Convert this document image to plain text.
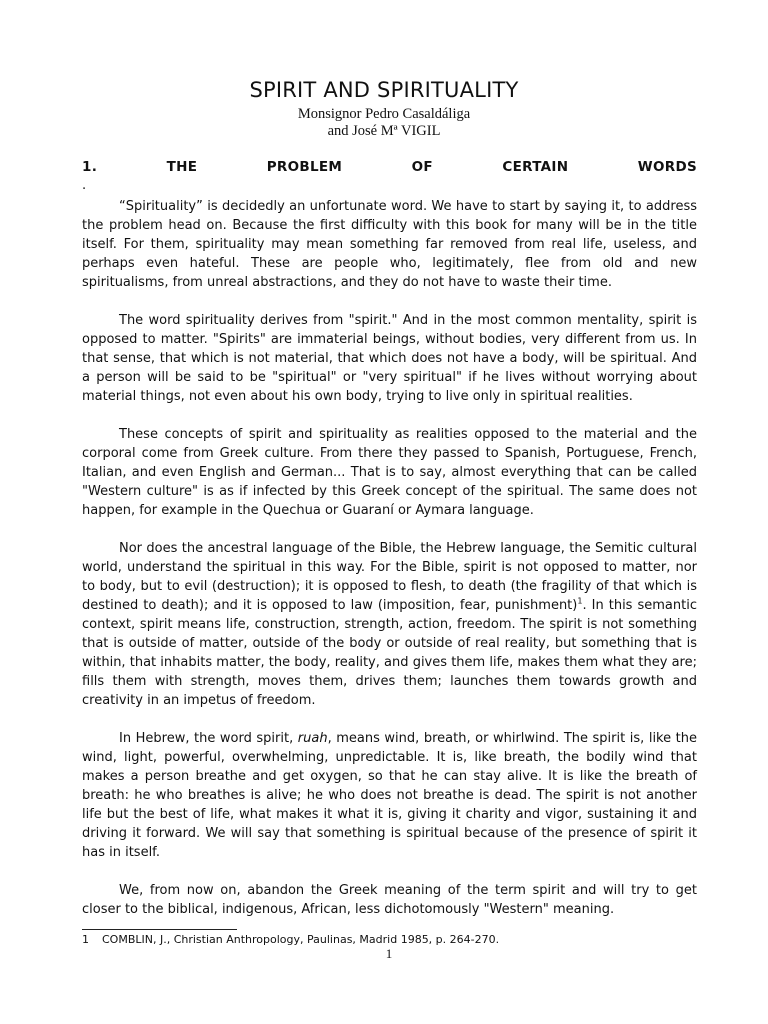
SPIRIT AND SPIRITUALITY
Monsignor Pedro Casaldáliga
and José Mª VIGIL
1.	THE	PROBLEM	OF	CERTAIN	WORDS
.

“Spirituality” is decidedly an unfortunate word. We have to start by saying it, to address the problem head on. Because the first difficulty with this book for many will be in the title itself. For them, spirituality may mean something far removed from real life, useless, and perhaps even hateful. These are people who, legitimately, flee from old and new spiritualisms, from unreal abstractions, and they do not have to waste their time.

The word spirituality derives from "spirit." And in the most common mentality, spirit is opposed to matter. "Spirits" are immaterial beings, without bodies, very different from us. In that sense, that which is not material, that which does not have a body, will be spiritual. And a person will be said to be "spiritual" or "very spiritual" if he lives without worrying about material things, not even about his own body, trying to live only in spiritual realities.

These concepts of spirit and spirituality as realities opposed to the material and the corporal come from Greek culture. From there they passed to Spanish, Portuguese, French, Italian, and even English and German... That is to say, almost everything that can be called "Western culture" is as if infected by this Greek concept of the spiritual. The same does not happen, for example in the Quechua or Guaraní or Aymara language.

Nor does the ancestral language of the Bible, the Hebrew language, the Semitic cultural world, understand the spiritual in this way. For the Bible, spirit is not opposed to matter, nor to body, but to evil (destruction); it is opposed to flesh, to death (the fragility of that which is destined to death); and it is opposed to law (imposition, fear, punishment)$^1$. In this semantic context, spirit means life, construction, strength, action, freedom. The spirit is not something that is outside of matter, outside of the body or outside of real reality, but something that is within, that inhabits matter, the body, reality, and gives them life, makes them what they are; fills them with strength, moves them, drives them; launches them towards growth and creativity in an impetus of freedom.

In Hebrew, the word spirit, ruah, means wind, breath, or whirlwind. The spirit is, like the wind, light, powerful, overwhelming, unpredictable. It is, like breath, the bodily wind that makes a person breathe and get oxygen, so that he can stay alive. It is like the breath of breath: he who breathes is alive; he who does not breathe is dead. The spirit is not another life but the best of life, what makes it what it is, giving it charity and vigor, sustaining it and driving it forward. We will say that something is spiritual because of the presence of spirit it has in itself.

We, from now on, abandon the Greek meaning of the term spirit and will try to get closer to the biblical, indigenous, African, less dichotomously "Western" meaning.

1 COMBLIN, J., Christian Anthropology, Paulinas, Madrid 1985, p. 264-270.
1
